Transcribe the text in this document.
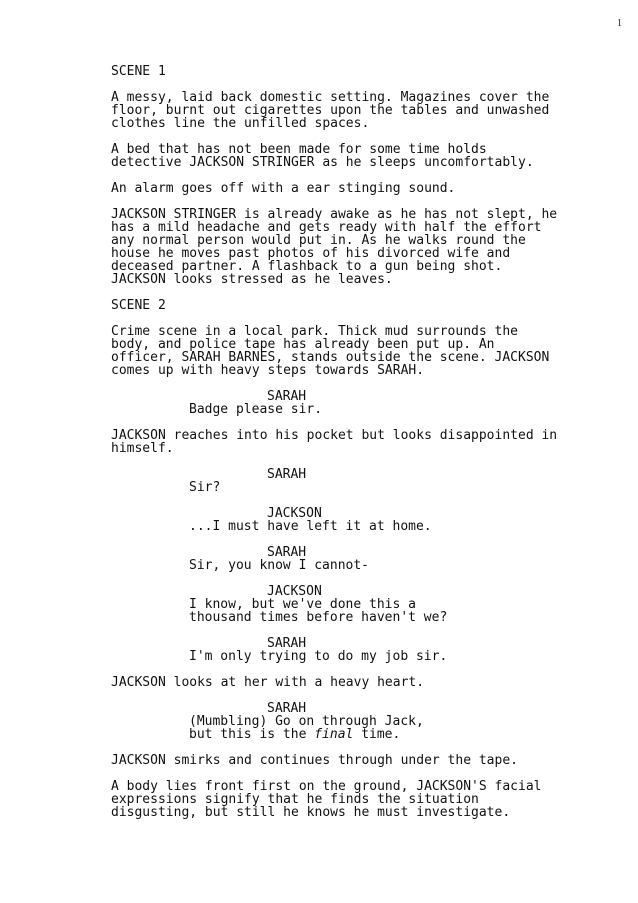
1
SCENE 1
A messy, laid back domestic setting. Magazines cover the
floor, burnt out cigarettes upon the tables and unwashed
clothes line the unfilled spaces.
A bed that has not been made for some time holds
detective JACKSON STRINGER as he sleeps uncomfortably.
An alarm goes off with a ear stinging sound.
JACKSON STRINGER is already awake as he has not slept, he
has a mild headache and gets ready with half the effort
any normal person would put in. As he walks round the
house he moves past photos of his divorced wife and
deceased partner. A flashback to a gun being shot.
JACKSON looks stressed as he leaves.
SCENE 2
Crime scene in a local park. Thick mud surrounds the
body, and police tape has already been put up. An
officer, SARAH BARNES, stands outside the scene. JACKSON
comes up with heavy steps towards SARAH.
SARAH
Badge please sir.
JACKSON reaches into his pocket but looks disappointed in
himself.
SARAH
Sir?
JACKSON
...I must have left it at home.
SARAH
Sir, you know I cannot-
JACKSON
I know, but we've done this a
thousand times before haven't we?
SARAH
I'm only trying to do my job sir.
JACKSON looks at her with a heavy heart.
SARAH
(Mumbling) Go on through Jack,
but this is the final time.
JACKSON smirks and continues through under the tape.
A body lies front first on the ground, JACKSON'S facial
expressions signify that he finds the situation
disgusting, but still he knows he must investigate.
